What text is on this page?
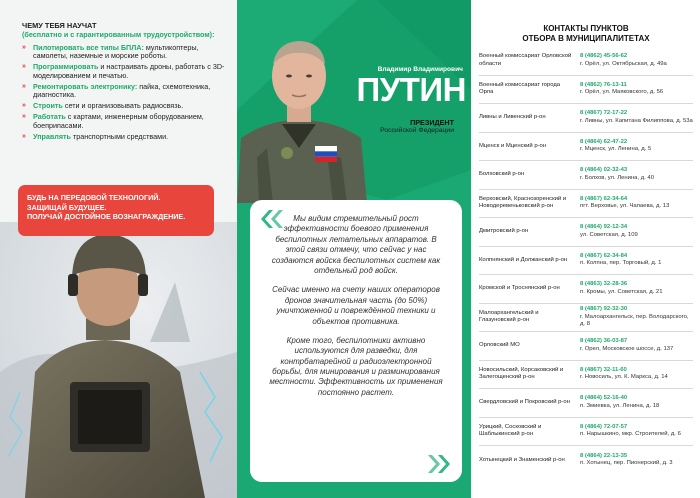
ЧЕМУ ТЕБЯ НАУЧАТ
(бесплатно и с гарантированным трудоустройством):
» Пилотировать все типы БПЛА: мультикоптеры, самолеты, наземные и морские роботы.
» Программировать и настраивать дроны, работать с 3D-моделированием и печатью.
» Ремонтировать электронику: пайка, схемотехника, диагностика.
» Строить сети и организовывать радиосвязь.
» Работать с картами, инженерным оборудованием, боеприпасами.
» Управлять транспортными средствами.
БУДЬ НА ПЕРЕДОВОЙ ТЕХНОЛОГИЙ.
ЗАЩИЩАЙ БУДУЩЕЕ.
ПОЛУЧАЙ ДОСТОЙНОЕ ВОЗНАГРАЖДЕНИЕ.
Владимир Владимирович
ПУТИН
ПРЕЗИДЕНТ
Российской Федерации

Мы видим стремительный рост эффективности боевого применения беспилотных летательных аппаратов. В этой связи отмечу, что сейчас у нас создаются войска беспилотных систем как отдельный род войск.

Сейчас именно на счету наших операторов дронов значительная часть (до 50%) уничтоженной и повреждённой техники и объектов противника.

Кроме того, беспилотники активно используются для разведки, для контрбатарейной и радиоэлектронной борьбы, для минирования и разминирования местности. Эффективность их применения постоянно растет.

КОНТАКТЫ ПУНКТОВ
ОТБОРА В МУНИЦИПАЛИТЕТАХ
Военный комиссариат Орловской области
8 (4862) 45-56-62
г. Орёл, ул. Октябрьская, д. 49а
Военный комиссариат города Орла
8 (4862) 76-13-11
г. Орёл, ул. Маяковского, д. 56
Ливны и Ливенский р-он
8 (4867) 72-17-22
г. Ливны, ул. Капитана Филиппова, д. 53а
Мценск и Мценский р-он
8 (4864) 62-47-22
г. Мценск, ул. Ленина, д. 5
Болховский р-он
8 (4864) 02-32-43
г. Болхов, ул. Ленина, д. 40
Верховский, Краснозоренский и Новодеревеньковский р-он
8 (4867) 62-34-64
пгт. Верховье, ул. Чапаева, д. 13
Дмитровский р-он
8 (4864) 92-12-34
ул. Советская, д. 109
Колпнянский и Должанский р-он
8 (4867) 62-34-84
п. Колпна, пер. Торговый, д. 1
Кромской и Троснянский р-он
8 (4863) 32-28-36
п. Кромы, ул. Советская, д. 21
Малоархангельский и Глазуновский р-он
8 (4867) 92-32-30
г. Малоархангельск, пер. Володарского, д. 8
Орловский МО
8 (4862) 36-03-87
г. Орел, Московское шоссе, д. 137
Новосильский, Корсаковский и Залегощенский р-он
8 (4867) 32-11-60
г. Новосиль, ул. К. Маркса, д. 14
Свердловский и Покровский р-он
8 (4864) 52-16-40
п. Змиевка, ул. Ленина, д. 18
Урицкий, Сосковский и Шаблыкинский р-он
8 (4864) 72-07-57
п. Нарышкино, мкр. Строителей, д. 6
Хотынецкий и Знаменский р-он
8 (4864) 22-13-35
п. Хотынец, пер. Пионерский, д. 3
